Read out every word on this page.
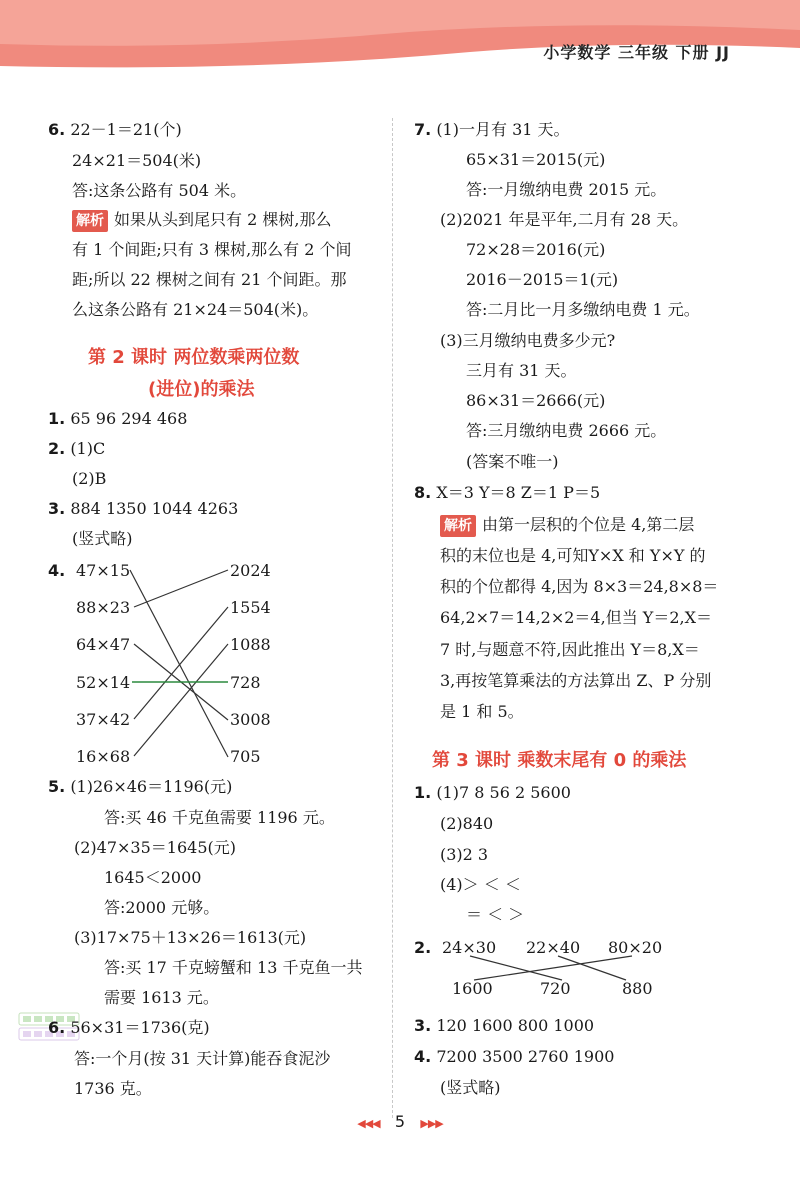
小学数学 三年级 下册 JJ
6. 22－1＝21(个)
24×21＝504(米)
答:这条公路有 504 米。
解析 如果从头到尾只有 2 棵树,那么
有 1 个间距;只有 3 棵树,那么有 2 个间
距;所以 22 棵树之间有 21 个间距。那
么这条公路有 21×24＝504(米)。
第 2 课时 两位数乘两位数
(进位)的乘法
1. 65 96 294 468
2. (1)C
(2)B
3. 884 1350 1044 4263
(竖式略)
4. 47×15
88×23
64×47
52×14
37×42
16×68
2024
1554
1088
728
3008
705
5. (1)26×46＝1196(元)
答:买 46 千克鱼需要 1196 元。
(2)47×35＝1645(元)
1645＜2000
答:2000 元够。
(3)17×75＋13×26＝1613(元)
答:买 17 千克螃蟹和 13 千克鱼一共
需要 1613 元。
6. 56×31＝1736(克)
答:一个月(按 31 天计算)能吞食泥沙
1736 克。
7. (1)一月有 31 天。
65×31＝2015(元)
答:一月缴纳电费 2015 元。
(2)2021 年是平年,二月有 28 天。
72×28＝2016(元)
2016－2015＝1(元)
答:二月比一月多缴纳电费 1 元。
(3)三月缴纳电费多少元?
三月有 31 天。
86×31＝2666(元)
答:三月缴纳电费 2666 元。
(答案不唯一)
8. X＝3 Y＝8 Z＝1 P＝5
解析 由第一层积的个位是 4,第二层
积的末位也是 4,可知Y×X 和 Y×Y 的
积的个位都得 4,因为 8×3＝24,8×8＝
64,2×7＝14,2×2＝4,但当 Y＝2,X＝
7 时,与题意不符,因此推出 Y＝8,X＝
3,再按笔算乘法的方法算出 Z、P 分别
是 1 和 5。
第 3 课时 乘数末尾有 0 的乘法
1. (1)7 8 56 2 5600
(2)840
(3)2 3
(4)＞ ＜ ＜
＝ ＜ ＞
2. 24×30 22×40 80×20
1600	720	880
3. 120 1600 800 1000
4. 7200 3500 2760 1900
(竖式略)
◀◀◀ 5 ▶▶▶
